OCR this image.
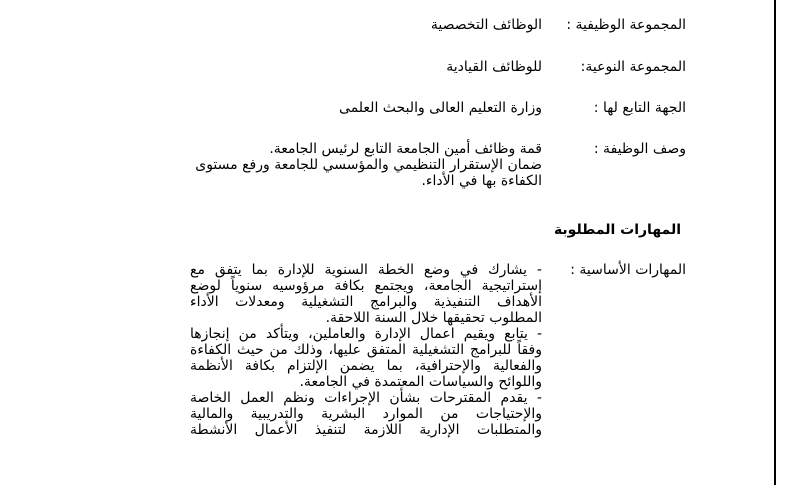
المجموعة الوظيفية :
الوظائف التخصصية
المجموعة النوعية:
للوظائف القيادية
الجهة التابع لها :
وزارة التعليم العالى والبحث العلمى
وصف الوظيفة :
قمة وظائف أمين الجامعة التابع لرئيس الجامعة.
ضمان الإستقرار التنظيمي والمؤسسي للجامعة ورفع مستوى
الكفاءة بها في الأداء.
المهارات المطلوبة
المهارات الأساسية :
- يشارك في وضع الخطة السنوية للإدارة بما يتفق مع
إستراتيجية الجامعة، ويجتمع بكافة مرؤوسيه سنوياً لوضع
الأهداف التنفيذية والبرامج التشغيلية ومعدلات الأداء
المطلوب تحقيقها خلال السنة اللاحقة.
- يتابع ويقيم اعمال الإدارة والعاملين، ويتأكد من إنجازها
وفقاً للبرامج التشغيلية المتفق عليها، وذلك من حيث الكفاءة
والفعالية والإحترافية، بما يضمن الإلتزام بكافة الأنظمة
واللوائح والسياسات المعتمدة في الجامعة.
- يقدم المقترحات بشأن الإجراءات ونظم العمل الخاصة
والإحتياجات من الموارد البشرية والتدريبية والمالية
والمتطلبات الإدارية اللازمة لتنفيذ الأعمال الأنشطة
